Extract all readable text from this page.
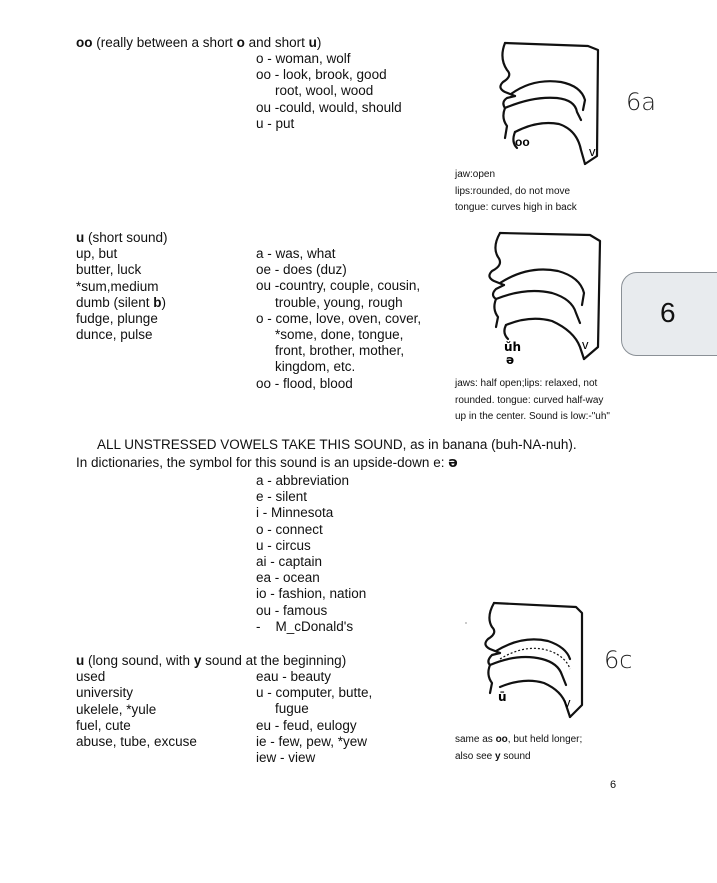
oo (really between a short o and short u)
o - woman, wolf
oo - look, brook, good
root, wool, wood
ou -could, would, should
u - put
oo
v
6a
jaw:open
lips:rounded, do not move
tongue: curves high in back
u (short sound)
up, but
butter, luck
*sum,medium
dumb (silent b)
fudge, plunge
dunce, pulse
a - was, what
oe - does (duz)
ou -country, couple, cousin,
trouble, young, rough
o - come, love, oven, cover,
*some, done, tongue,
front, brother, mother,
kingdom, etc.
oo - flood, blood
ŭh
ə
v
jaws: half open;lips: relaxed, not
rounded. tongue: curved half-way
up in the center. Sound is low:-"uh"
6
ALL UNSTRESSED VOWELS TAKE THIS SOUND, as in banana (buh-NA-nuh).
In dictionaries, the symbol for this sound is an upside-down e: ə
a - abbreviation
e - silent
i - Minnesota
o - connect
u - circus
ai - captain
ea - ocean
io - fashion, nation
ou - famous
-    M_cDonald's
u (long sound, with y sound at the beginning)
used
university
ukelele, *yule
fuel, cute
abuse, tube, excuse
eau - beauty
u - computer, butte,
fugue
eu - feud, eulogy
ie - few, pew, *yew
iew - view
ū	v
6c
same as oo, but held longer;
also see y sound
6
